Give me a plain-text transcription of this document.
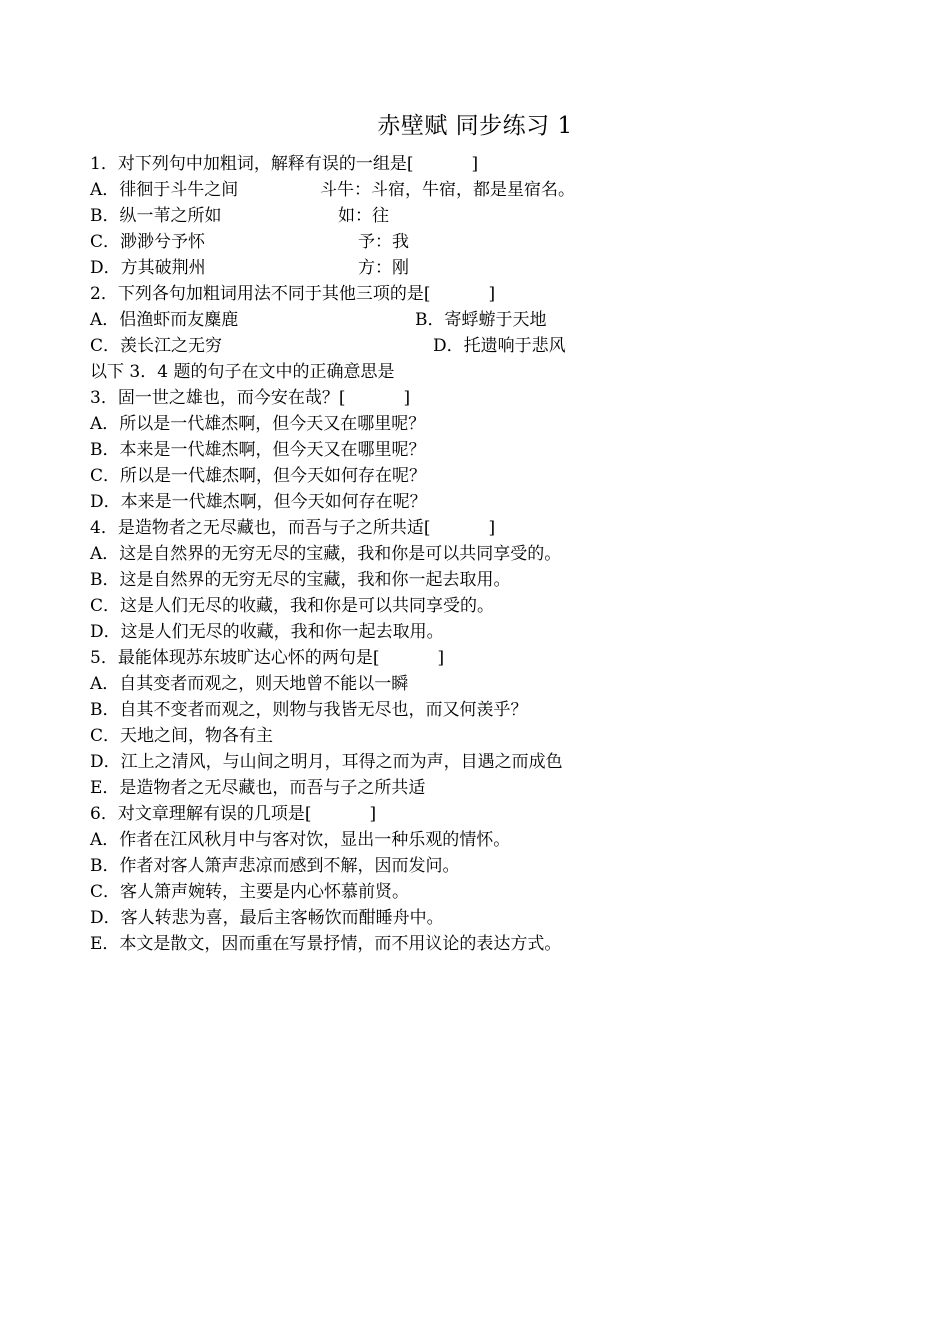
赤壁赋 同步练习 1
1．对下列句中加粗词，解释有误的一组是[	]
A．徘徊于斗牛之间	斗牛：斗宿，牛宿，都是星宿名。
B．纵一苇之所如	如：往
C．渺渺兮予怀	予：我
D．方其破荆州	方：刚
2．下列各句加粗词用法不同于其他三项的是[	]
A．侣渔虾而友麋鹿	B．寄蜉蝣于天地
C．羡长江之无穷	D．托遗响于悲风
以下 3．4 题的句子在文中的正确意思是
3．固一世之雄也，而今安在哉？[	]
A．所以是一代雄杰啊，但今天又在哪里呢？
B．本来是一代雄杰啊，但今天又在哪里呢？
C．所以是一代雄杰啊，但今天如何存在呢？
D．本来是一代雄杰啊，但今天如何存在呢？
4．是造物者之无尽藏也，而吾与子之所共适[	]
A．这是自然界的无穷无尽的宝藏，我和你是可以共同享受的。
B．这是自然界的无穷无尽的宝藏，我和你一起去取用。
C．这是人们无尽的收藏，我和你是可以共同享受的。
D．这是人们无尽的收藏，我和你一起去取用。
5．最能体现苏东坡旷达心怀的两句是[	]
A．自其变者而观之，则天地曾不能以一瞬
B．自其不变者而观之，则物与我皆无尽也，而又何羡乎？
C．天地之间，物各有主
D．江上之清风，与山间之明月，耳得之而为声，目遇之而成色
E．是造物者之无尽藏也，而吾与子之所共适
6．对文章理解有误的几项是[	]
A．作者在江风秋月中与客对饮，显出一种乐观的情怀。
B．作者对客人箫声悲凉而感到不解，因而发问。
C．客人箫声婉转，主要是内心怀慕前贤。
D．客人转悲为喜，最后主客畅饮而酣睡舟中。
E．本文是散文，因而重在写景抒情，而不用议论的表达方式。
